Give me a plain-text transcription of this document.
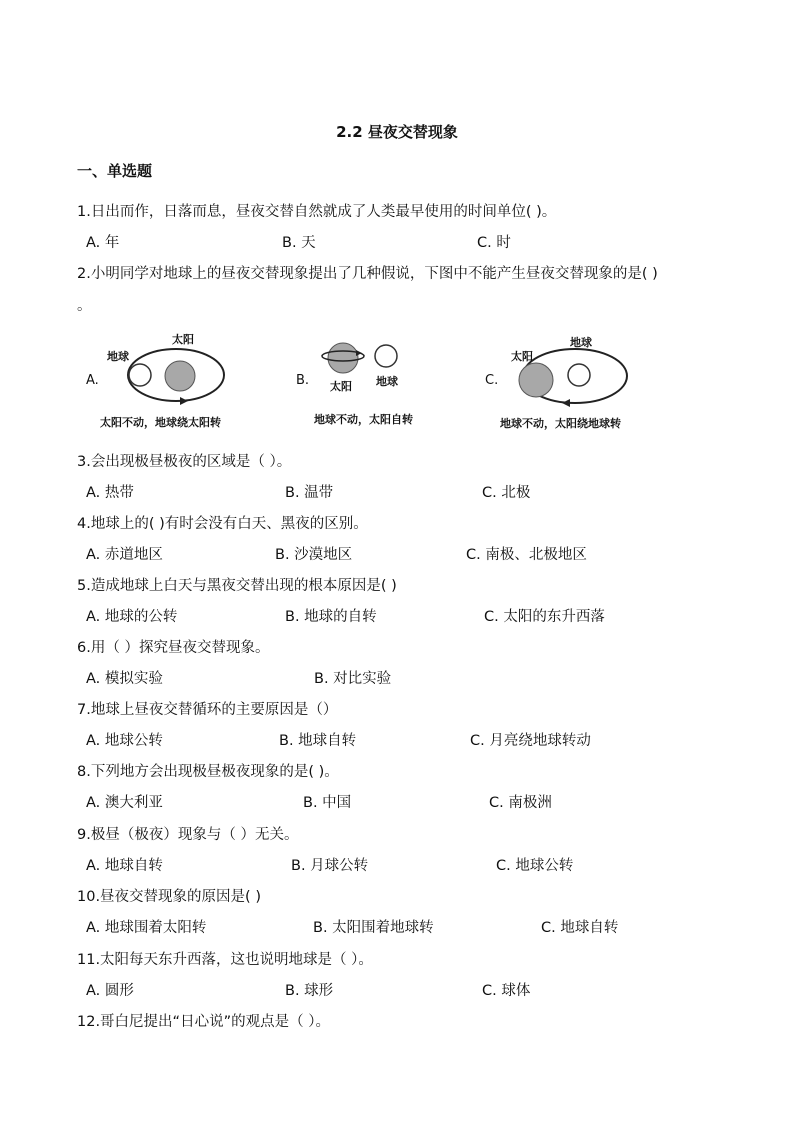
2.2 昼夜交替现象
一、单选题
1.日出而作，日落而息，昼夜交替自然就成了人类最早使用的时间单位( )。
A. 年	B. 天	C. 时
2.小明同学对地球上的昼夜交替现象提出了几种假说，下图中不能产生昼夜交替现象的是( )
。
A.
太阳
地球
太阳不动，地球绕太阳转
B. 太阳 地球
地球不动，太阳自转
C.
太阳
地球
地球不动，太阳绕地球转
3.会出现极昼极夜的区域是（ ）。
A. 热带	B. 温带	C. 北极
4.地球上的( )有时会没有白天、黑夜的区别。
A. 赤道地区	B. 沙漠地区	C. 南极、北极地区
5.造成地球上白天与黑夜交替出现的根本原因是( )
A. 地球的公转	B. 地球的自转	C. 太阳的东升西落
6.用（ ）探究昼夜交替现象。
A. 模拟实验	B. 对比实验
7.地球上昼夜交替循环的主要原因是（）
A. 地球公转	B. 地球自转	C. 月亮绕地球转动
8.下列地方会出现极昼极夜现象的是( )。
A. 澳大利亚	B. 中国	C. 南极洲
9.极昼（极夜）现象与（ ）无关。
A. 地球自转	B. 月球公转	C. 地球公转
10.昼夜交替现象的原因是( )
A. 地球围着太阳转	B. 太阳围着地球转	C. 地球自转
11.太阳每天东升西落，这也说明地球是（ ）。
A. 圆形	B. 球形	C. 球体
12.哥白尼提出“日心说”的观点是（ ）。
